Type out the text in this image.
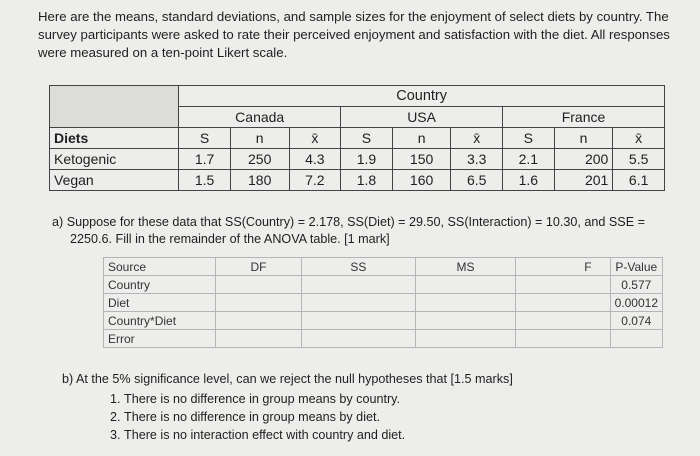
Here are the means, standard deviations, and sample sizes for the enjoyment of select diets by country. The survey participants were asked to rate their perceived enjoyment and satisfaction with the diet. All responses were measured on a ten-point Likert scale.
	Country								
	Canada			USA			France		
Diets	S	n	x̄	S	n	x̄	S	n	x̄
Ketogenic	1.7	250	4.3	1.9	150	3.3	2.1	200	5.5
Vegan	1.5	180	7.2	1.8	160	6.5	1.6	201	6.1
a) Suppose for these data that SS(Country) = 2.178, SS(Diet) = 29.50, SS(Interaction) = 10.30, and SSE =
2250.6. Fill in the remainder of the ANOVA table. [1 mark]
Source	DF	SS	MS	F	P-Value
Country					0.577
Diet					0.00012
Country*Diet					0.074
Error					
b) At the 5% significance level, can we reject the null hypotheses that [1.5 marks]
1. There is no difference in group means by country.
2. There is no difference in group means by diet.
3. There is no interaction effect with country and diet.
